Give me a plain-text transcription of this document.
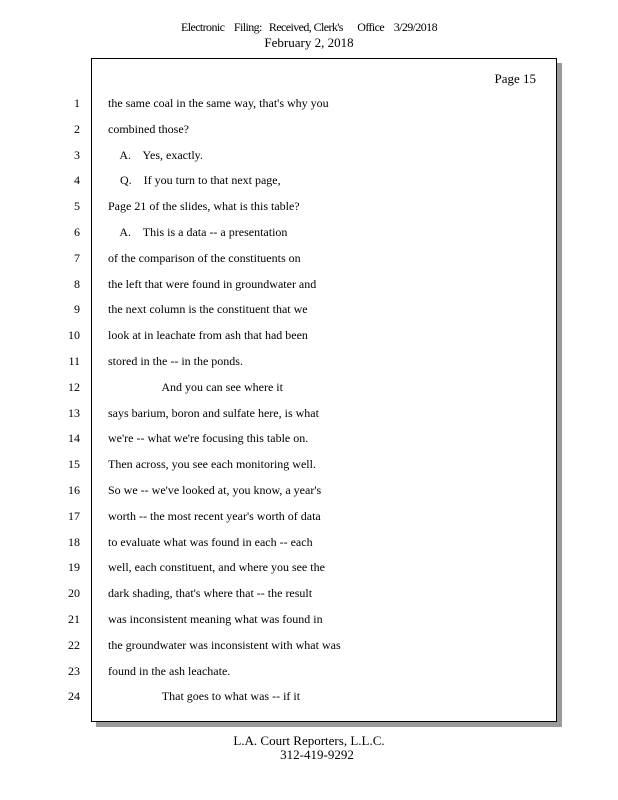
Electronic    Filing:   Received, Clerk's      Office    3/29/2018
February 2, 2018
Page 15
1 the same coal in the same way, that's why you
2 combined those?
3 A.    Yes, exactly.
4 Q.    If you turn to that next page,
5 Page 21 of the slides, what is this table?
6 A.    This is a data -- a presentation
7 of the comparison of the constituents on
8 the left that were found in groundwater and
9 the next column is the constituent that we
10 look at in leachate from ash that had been
11 stored in the -- in the ponds.
12 And you can see where it
13 says barium, boron and sulfate here, is what
14 we're -- what we're focusing this table on.
15 Then across, you see each monitoring well.
16 So we -- we've looked at, you know, a year's
17 worth -- the most recent year's worth of data
18 to evaluate what was found in each -- each
19 well, each constituent, and where you see the
20 dark shading, that's where that -- the result
21 was inconsistent meaning what was found in
22 the groundwater was inconsistent with what was
23 found in the ash leachate.
24 That goes to what was -- if it
L.A. Court Reporters, L.L.C.
312-419-9292
